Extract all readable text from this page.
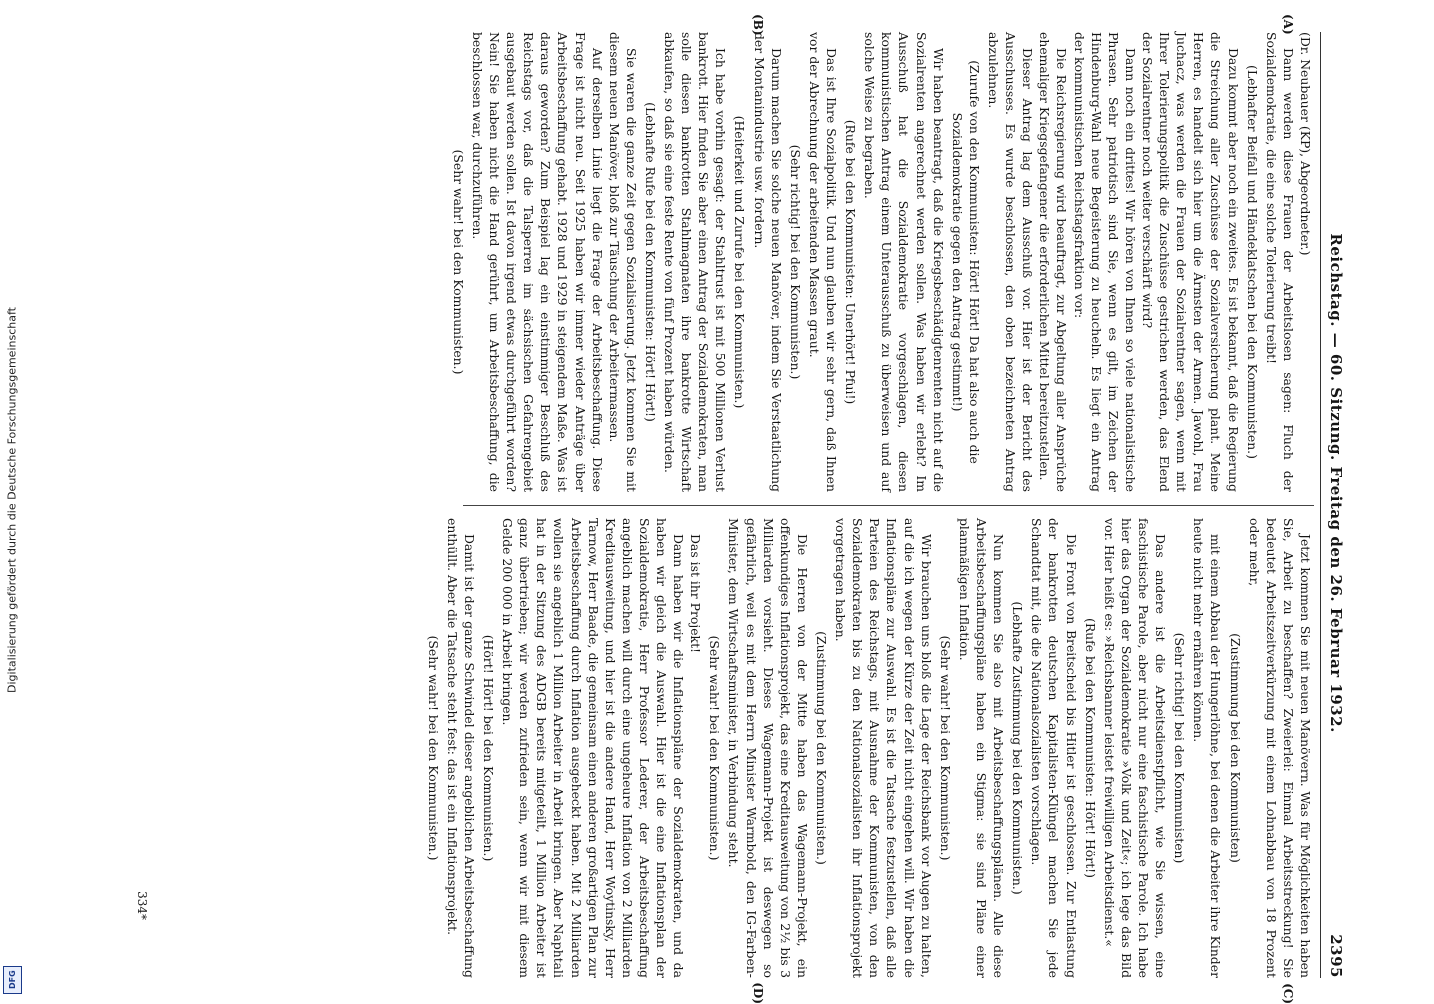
Digitalisierung gefördert durch die Deutsche Forschungsgemeinschaft
DFG
Reichstag. — 60. Sitzung. Freitag den 26. Februar 1932.
2395
(A)
(B)
(C)
(D)

(Dr. Neubauer (KP), Abgeordneter.)

Dann werden diese Frauen der Arbeitslosen sagen: Fluch der Sozialdemokratie, die eine solche Tolerierung treibt!

(Lebhafter Beifall und Händeklatschen bei den Kommunisten.)

Dazu kommt aber noch ein zweites. Es ist bekannt, daß die Regierung die Streichung aller Zuschüsse der Sozialversicherung plant. Meine Herren, es handelt sich hier um die Ärmsten der Armen. Jawohl, Frau Juchacz, was werden die Frauen der Sozialrentner sagen, wenn mit Ihrer Tolerierungspolitik die Zuschüsse gestrichen werden, das Elend der Sozialrentner noch weiter verschärft wird?

Dann noch ein drittes! Wir hören von Ihnen so viele nationalistische Phrasen. Sehr patriotisch sind Sie, wenn es gilt, im Zeichen der Hindenburg-Wahl neue Begeisterung zu heucheln. Es liegt ein Antrag der kommunistischen Reichstagsfraktion vor:

Die Reichsregierung wird beauftragt, zur Abgeltung aller Ansprüche ehemaliger Kriegsgefangener die erforderlichen Mittel bereitzustellen.

Dieser Antrag lag dem Ausschuß vor. Hier ist der Bericht des Ausschusses. Es wurde beschlossen, den oben bezeichneten Antrag abzulehnen.

(Zurufe von den Kommunisten: Hört! Hört! Da hat also auch die Sozialdemokratie gegen den Antrag gestimmt!)

Wir haben beantragt, daß die Kriegsbeschädigtenrenten nicht auf die Sozialrenten angerechnet werden sollen. Was haben wir erlebt? Im Ausschuß hat die Sozialdemokratie vorgeschlagen, diesen kommunistischen Antrag einem Unterausschuß zu überweisen und auf solche Weise zu begraben.

(Rufe bei den Kommunisten: Unerhört! Pfui!)

Das ist Ihre Sozialpolitik. Und nun glauben wir sehr gern, daß Ihnen vor der Abrechnung der arbeitenden Massen graut.

(Sehr richtig! bei den Kommunisten.)

Darum machen Sie solche neuen Manöver, indem Sie Verstaatlichung der Montanindustrie usw. fordern.

(Heiterkeit und Zurufe bei den Kommunisten.)

Ich habe vorhin gesagt: der Stahltrust ist mit 500 Millionen Verlust bankrott. Hier finden Sie aber einen Antrag der Sozialdemokraten, man solle diesen bankrotten Stahlmagnaten ihre bankrotte Wirtschaft abkaufen, so daß sie eine feste Rente von fünf Prozent haben würden.

(Lebhafte Rufe bei den Kommunisten: Hört! Hört!)

Sie waren die ganze Zeit gegen Sozialisierung. Jetzt kommen Sie mit diesem neuen Manöver, bloß zur Täuschung der Arbeitermassen.

Auf derselben Linie liegt die Frage der Arbeitsbeschaffung. Diese Frage ist nicht neu. Seit 1925 haben wir immer wieder Anträge über Arbeitsbeschaffung gehabt. 1928 und 1929 in steigendem Maße. Was ist daraus geworden? Zum Beispiel lag ein einstimmiger Beschluß des Reichstags vor, daß die Talsperren im sächsischen Gefahrengebiet ausgebaut werden sollen. Ist davon irgend etwas durchgeführt worden? Nein! Sie haben nicht die Hand gerührt, um Arbeitsbeschaffung, die beschlossen war, durchzuführen.

(Sehr wahr! bei den Kommunisten.)

Jetzt kommen Sie mit neuen Manövern. Was für Möglichkeiten haben Sie, Arbeit zu beschaffen? Zweierlei: Einmal Arbeitsstreckung! Sie bedeutet Arbeitszeitverkürzung mit einem Lohnabbau von 18 Prozent oder mehr,

(Zustimmung bei den Kommunisten)

mit einem Abbau der Hungerlöhne, bei denen die Arbeiter ihre Kinder heute nicht mehr ernähren können.

(Sehr richtig! bei den Kommunisten)

Das andere ist die Arbeitsdienstpflicht, wie Sie wissen, eine faschistische Parole, aber nicht nur eine faschistische Parole. Ich habe hier das Organ der Sozialdemokratie »Volk und Zeit«; ich lege das Bild vor. Hier heißt es: »Reichsbanner leistet freiwilligen Arbeitsdienst.«

(Rufe bei den Kommunisten: Hört! Hört!)

Die Front von Breitscheid bis Hitler ist geschlossen. Zur Entlastung der bankrotten deutschen Kapitalisten-Klüngel machen Sie jede Schandtat mit, die die Nationalsozialisten vorschlagen.

(Lebhafte Zustimmung bei den Kommunisten.)

Nun kommen Sie also mit Arbeitsbeschaffungsplänen. Alle diese Arbeitsbeschaffungspläne haben ein Stigma: sie sind Pläne einer planmäßigen Inflation.

(Sehr wahr! bei den Kommunisten.)

Wir brauchen uns bloß die Lage der Reichsbank vor Augen zu halten, auf die ich wegen der Kürze der Zeit nicht eingehen will. Wir haben die Inflationspläne zur Auswahl. Es ist die Tatsache festzustellen, daß alle Parteien des Reichstags, mit Ausnahme der Kommunisten, von den Sozialdemokraten bis zu den Nationalsozialisten ihr Inflationsprojekt vorgetragen haben.

(Zustimmung bei den Kommunisten.)

Die Herren von der Mitte haben das Wagemann-Projekt, ein offenkundiges Inflationsprojekt, das eine Kreditausweitung von 2½ bis 3 Milliarden vorsieht. Dieses Wagemann-Projekt ist deswegen so gefährlich, weil es mit dem Herrn Minister Warmbold, den IG-Farben-Minister, dem Wirtschaftsminister, in Verbindung steht.

(Sehr wahr! bei den Kommunisten.)

Das ist ihr Projekt!

Dann haben wir die Inflationspläne der Sozialdemokraten, und da haben wir gleich die Auswahl. Hier ist die eine Inflationsplan der Sozialdemokratie, Herr Professor Lederer, der Arbeitsbeschaffung angeblich machen will durch eine ungeheure Inflation von 2 Milliarden Kreditausweitung, und hier ist die andere Hand, Herr Woytinsky, Herr Tarnow, Herr Baade, die gemeinsam einen anderen großartigen Plan zur Arbeitsbeschaffung durch Inflation ausgeheckt haben. Mit 2 Milliarden wollen sie angeblich 1 Million Arbeiter in Arbeit bringen. Aber Naphtali hat in der Sitzung des ADGB bereits mitgeteilt, 1 Million Arbeiter ist ganz übertrieben; wir werden zufrieden sein, wenn wir mit diesem Gelde 200 000 in Arbeit bringen.

(Hört! Hört! bei den Kommunisten.)

Damit ist der ganze Schwindel dieser angeblichen Arbeitsbeschaffung enthüllt. Aber die Tatsache steht fest: das ist ein Inflationsprojekt.

(Sehr wahr! bei den Kommunisten.)

334*
